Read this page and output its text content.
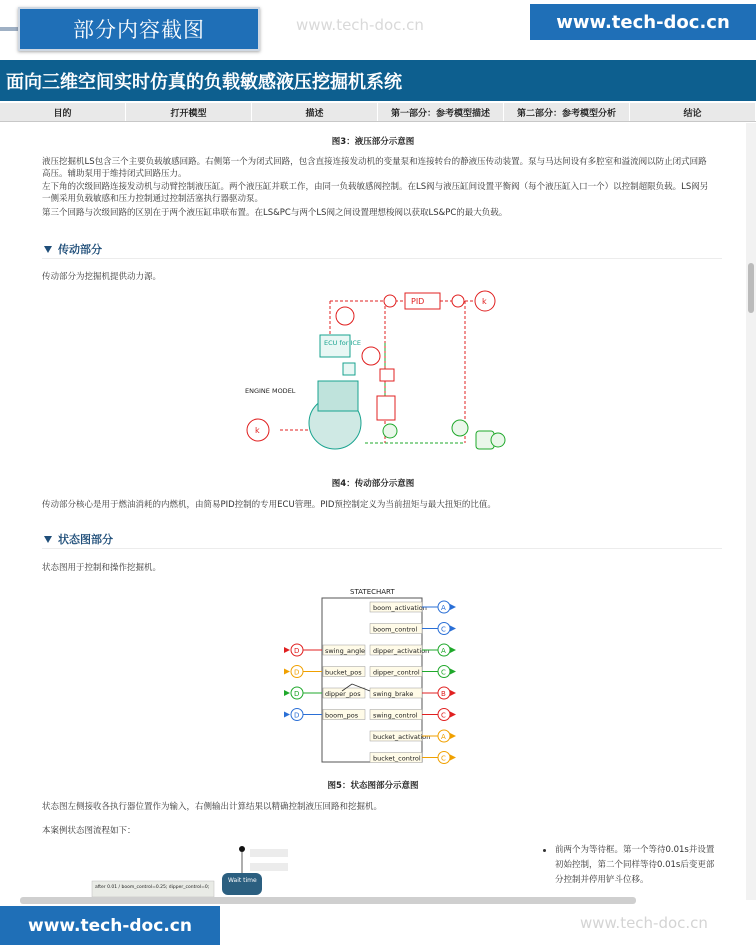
部分内容截图	www.tech-doc.cn	www.tech-doc.cn
面向三维空间实时仿真的负载敏感液压挖掘机系统
目的	打开模型	描述	第一部分：参考模型描述	第二部分：参考模型分析	结论
图3：液压部分示意图
液压挖掘机LS包含三个主要负载敏感回路。右侧第一个为闭式回路，包含直接连接发动机的变量泵和连接转台的静液压传动装置。泵与马达间设有多腔室和溢流阀以防止闭式回路高压。辅助泵用于维持闭式回路压力。
左下角的次级回路连接发动机与动臂控制液压缸。两个液压缸并联工作，由同一负载敏感阀控制。在LS阀与液压缸间设置平衡阀（每个液压缸入口一个）以控制超限负载。LS阀另一侧采用负载敏感和压力控制通过控制活塞执行器驱动泵。
第三个回路与次级回路的区别在于两个液压缸串联布置。在LS&PC与两个LS阀之间设置理想梭阀以获取LS&PC的最大负载。
传动部分
传动部分为挖掘机提供动力源。
PID	k
k
ECU for ICE
ENGINE MODEL
图4：传动部分示意图
传动部分核心是用于燃油消耗的内燃机，由简易PID控制的专用ECU管理。PID预控制定义为当前扭矩与最大扭矩的比值。
状态图部分
状态图用于控制和操作挖掘机。
STATECHART
boom_activation A
boom_control	C
dipper_activation A
dipper_control	C
swing_brake	B
swing_control	C
bucket_activation A
bucket_control	C
D	swing_angle
D	bucket_pos
D	dipper_pos
D	boom_pos
图5：状态图部分示意图
状态图左侧接收各执行器位置作为输入，右侧输出计算结果以精确控制液压回路和挖掘机。
本案例状态图流程如下：
Wait time
after 0.01 / boom_control=0.25; dipper_control=0;
前两个为等待框。第一个等待0.01s并设置初始控制，第二个同样等待0.01s后变更部分控制并停用铲斗位移。
www.tech-doc.cn	www.tech-doc.cn
